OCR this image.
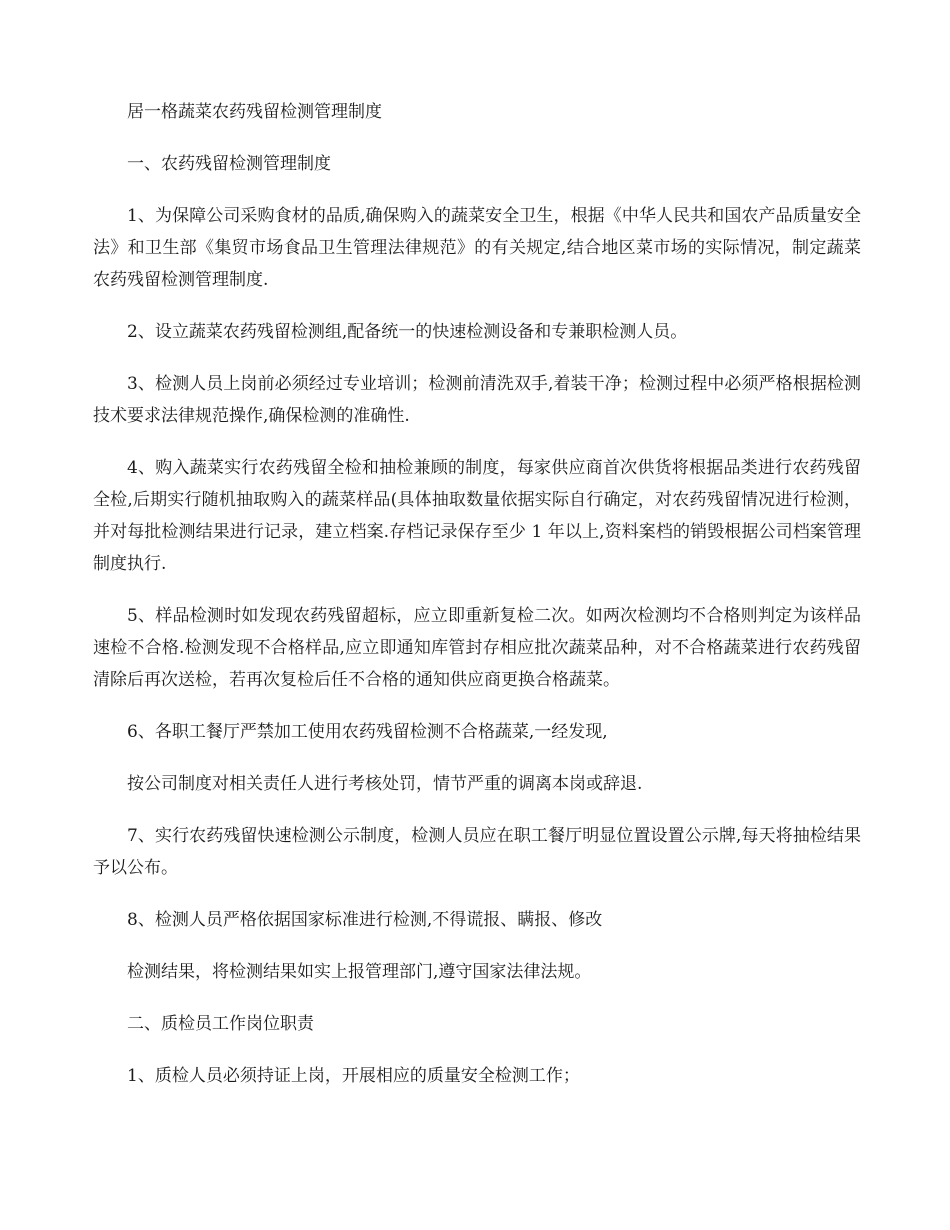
居一格蔬菜农药残留检测管理制度

一、农药残留检测管理制度

1、为保障公司采购食材的品质,确保购入的蔬菜安全卫生，根据《中华人民共和国农产品质量安全法》和卫生部《集贸市场食品卫生管理法律规范》的有关规定,结合地区菜市场的实际情况，制定蔬菜农药残留检测管理制度.

2、设立蔬菜农药残留检测组,配备统一的快速检测设备和专兼职检测人员。

3、检测人员上岗前必须经过专业培训；检测前清洗双手,着装干净；检测过程中必须严格根据检测技术要求法律规范操作,确保检测的准确性.

4、购入蔬菜实行农药残留全检和抽检兼顾的制度，每家供应商首次供货将根据品类进行农药残留全检,后期实行随机抽取购入的蔬菜样品(具体抽取数量依据实际自行确定，对农药残留情况进行检测，并对每批检测结果进行记录，建立档案.存档记录保存至少 1 年以上,资料案档的销毁根据公司档案管理制度执行.

5、样品检测时如发现农药残留超标，应立即重新复检二次。如两次检测均不合格则判定为该样品速检不合格.检测发现不合格样品,应立即通知库管封存相应批次蔬菜品种，对不合格蔬菜进行农药残留清除后再次送检，若再次复检后任不合格的通知供应商更换合格蔬菜。

6、各职工餐厅严禁加工使用农药残留检测不合格蔬菜,一经发现,

按公司制度对相关责任人进行考核处罚，情节严重的调离本岗或辞退.

7、实行农药残留快速检测公示制度，检测人员应在职工餐厅明显位置设置公示牌,每天将抽检结果予以公布。

8、检测人员严格依据国家标准进行检测,不得谎报、瞒报、修改

检测结果，将检测结果如实上报管理部门,遵守国家法律法规。

二、质检员工作岗位职责

1、质检人员必须持证上岗，开展相应的质量安全检测工作；
